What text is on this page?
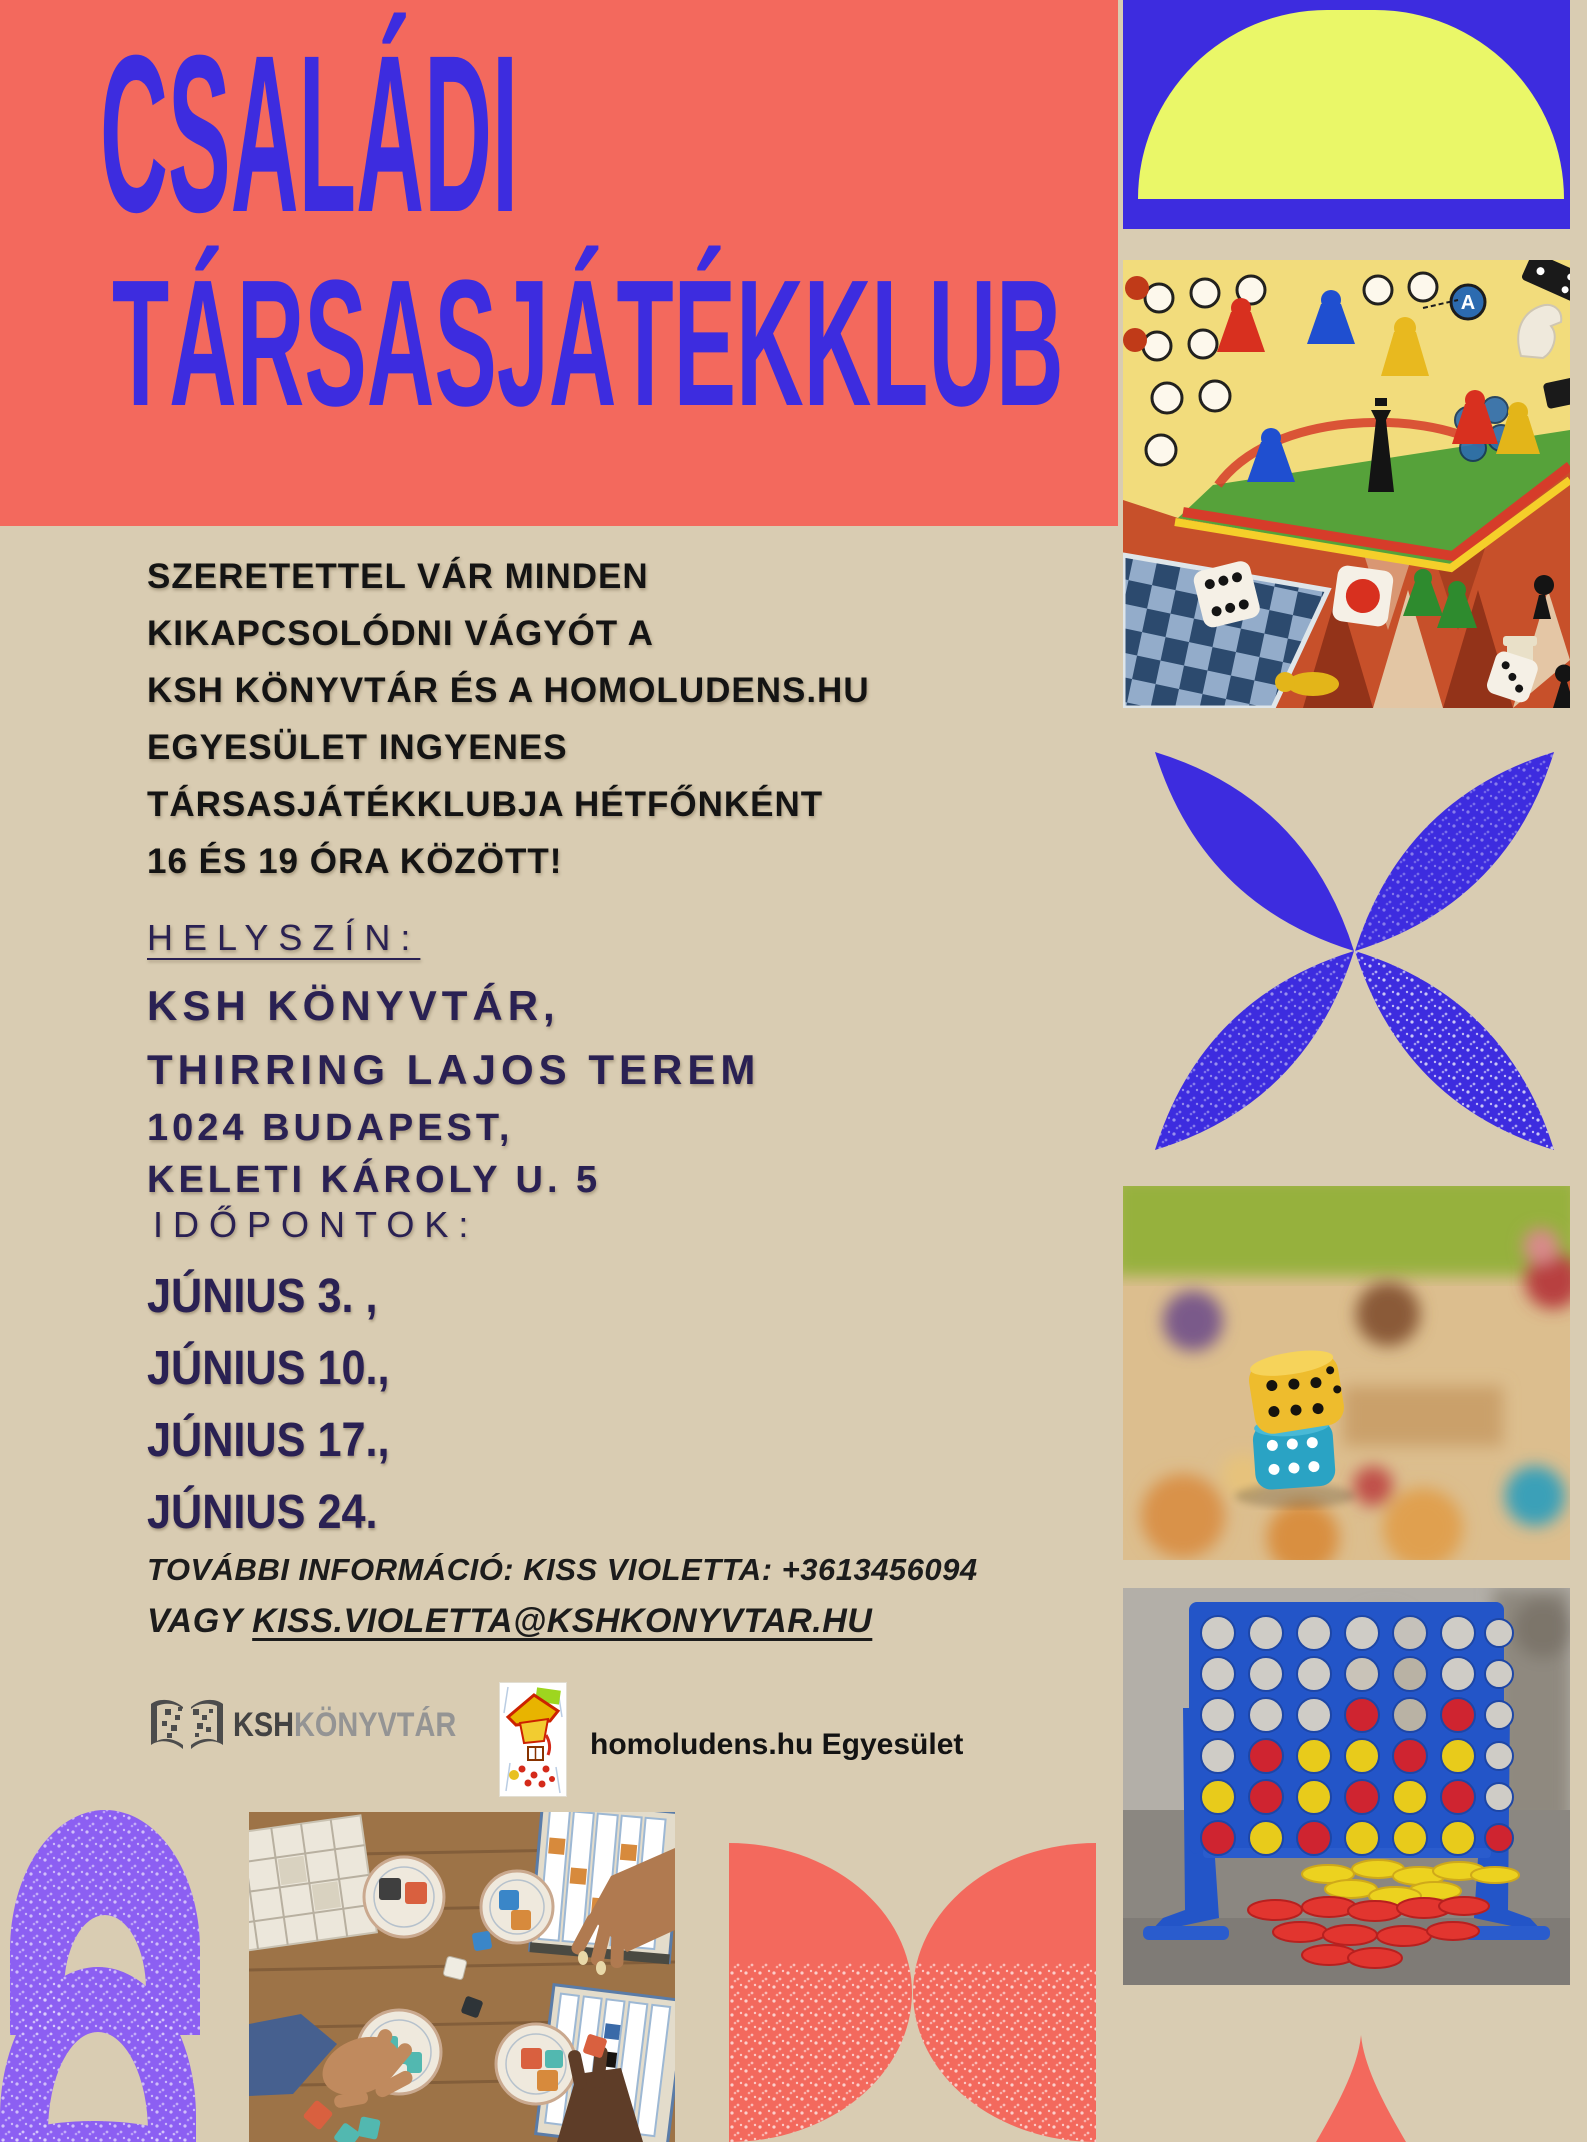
CSALÁDI
TÁRSASJÁTÉKKLUB	A
SZERETETTEL VÁR MINDEN
KIKAPCSOLÓDNI VÁGYÓT A
KSH KÖNYVTÁR ÉS A HOMOLUDENS.HU
EGYESÜLET INGYENES
TÁRSASJÁTÉKKLUBJA HÉTFŐNKÉNT
16 ÉS 19 ÓRA KÖZÖTT!
HELYSZÍN:
KSH KÖNYVTÁR,
THIRRING LAJOS TEREM
1024 BUDAPEST,
KELETI KÁROLY U. 5
IDŐPONTOK:
JÚNIUS 3. ,
JÚNIUS 10.,
JÚNIUS 17.,
JÚNIUS 24.
TOVÁBBI INFORMÁCIÓ: KISS VIOLETTA: +3613456094
VAGY KISS.VIOLETTA@KSHKONYVTAR.HU
KSHKÖNYVTÁR
homoludens.hu Egyesület
